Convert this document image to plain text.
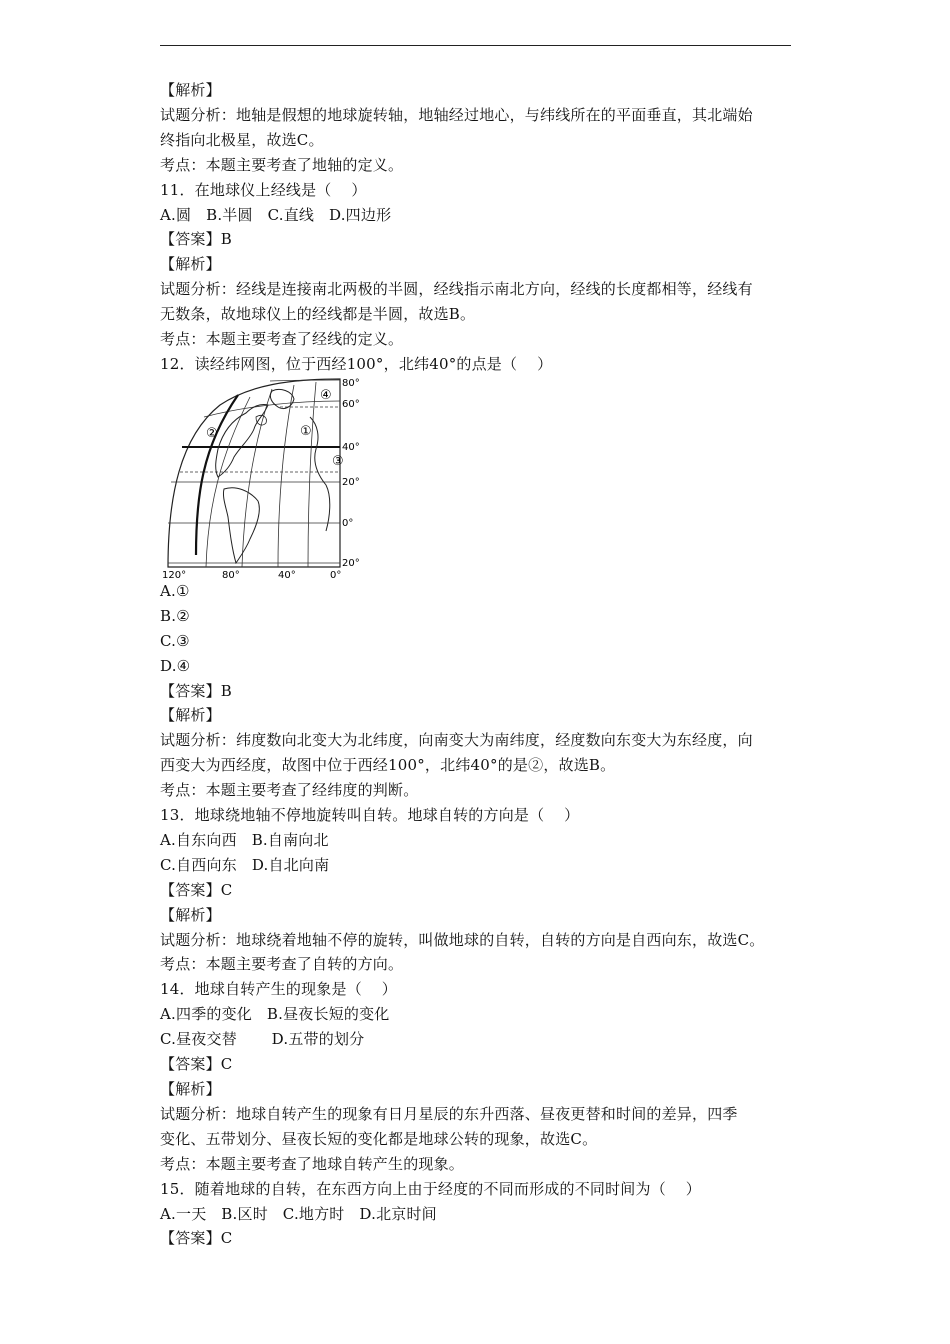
【解析】
试题分析：地轴是假想的地球旋转轴，地轴经过地心，与纬线所在的平面垂直，其北端始
终指向北极星，故选C。
考点：本题主要考查了地轴的定义。
11．在地球仪上经线是（    ）
A.圆   B.半圆   C.直线   D.四边形
【答案】B
【解析】
试题分析：经线是连接南北两极的半圆，经线指示南北方向，经线的长度都相等，经线有
无数条，故地球仪上的经线都是半圆，故选B。
考点：本题主要考查了经线的定义。
12．读经纬网图，位于西经100°，北纬40°的点是（    ）
②	①
③
④
80°
60°
40°
20°
0°
20°
120°	80°	40°	0°
A.①
B.②
C.③
D.④
【答案】B
【解析】
试题分析：纬度数向北变大为北纬度，向南变大为南纬度，经度数向东变大为东经度，向
西变大为西经度，故图中位于西经100°，北纬40°的是②，故选B。
考点：本题主要考查了经纬度的判断。
13．地球绕地轴不停地旋转叫自转。地球自转的方向是（    ）
A.自东向西   B.自南向北
C.自西向东   D.自北向南
【答案】C
【解析】
试题分析：地球绕着地轴不停的旋转，叫做地球的自转，自转的方向是自西向东，故选C。
考点：本题主要考查了自转的方向。
14．地球自转产生的现象是（    ）
A.四季的变化   B.昼夜长短的变化
C.昼夜交替       D.五带的划分
【答案】C
【解析】
试题分析：地球自转产生的现象有日月星辰的东升西落、昼夜更替和时间的差异，四季
变化、五带划分、昼夜长短的变化都是地球公转的现象，故选C。
考点：本题主要考查了地球自转产生的现象。
15．随着地球的自转，在东西方向上由于经度的不同而形成的不同时间为（    ）
A.一天   B.区时   C.地方时   D.北京时间
【答案】C
